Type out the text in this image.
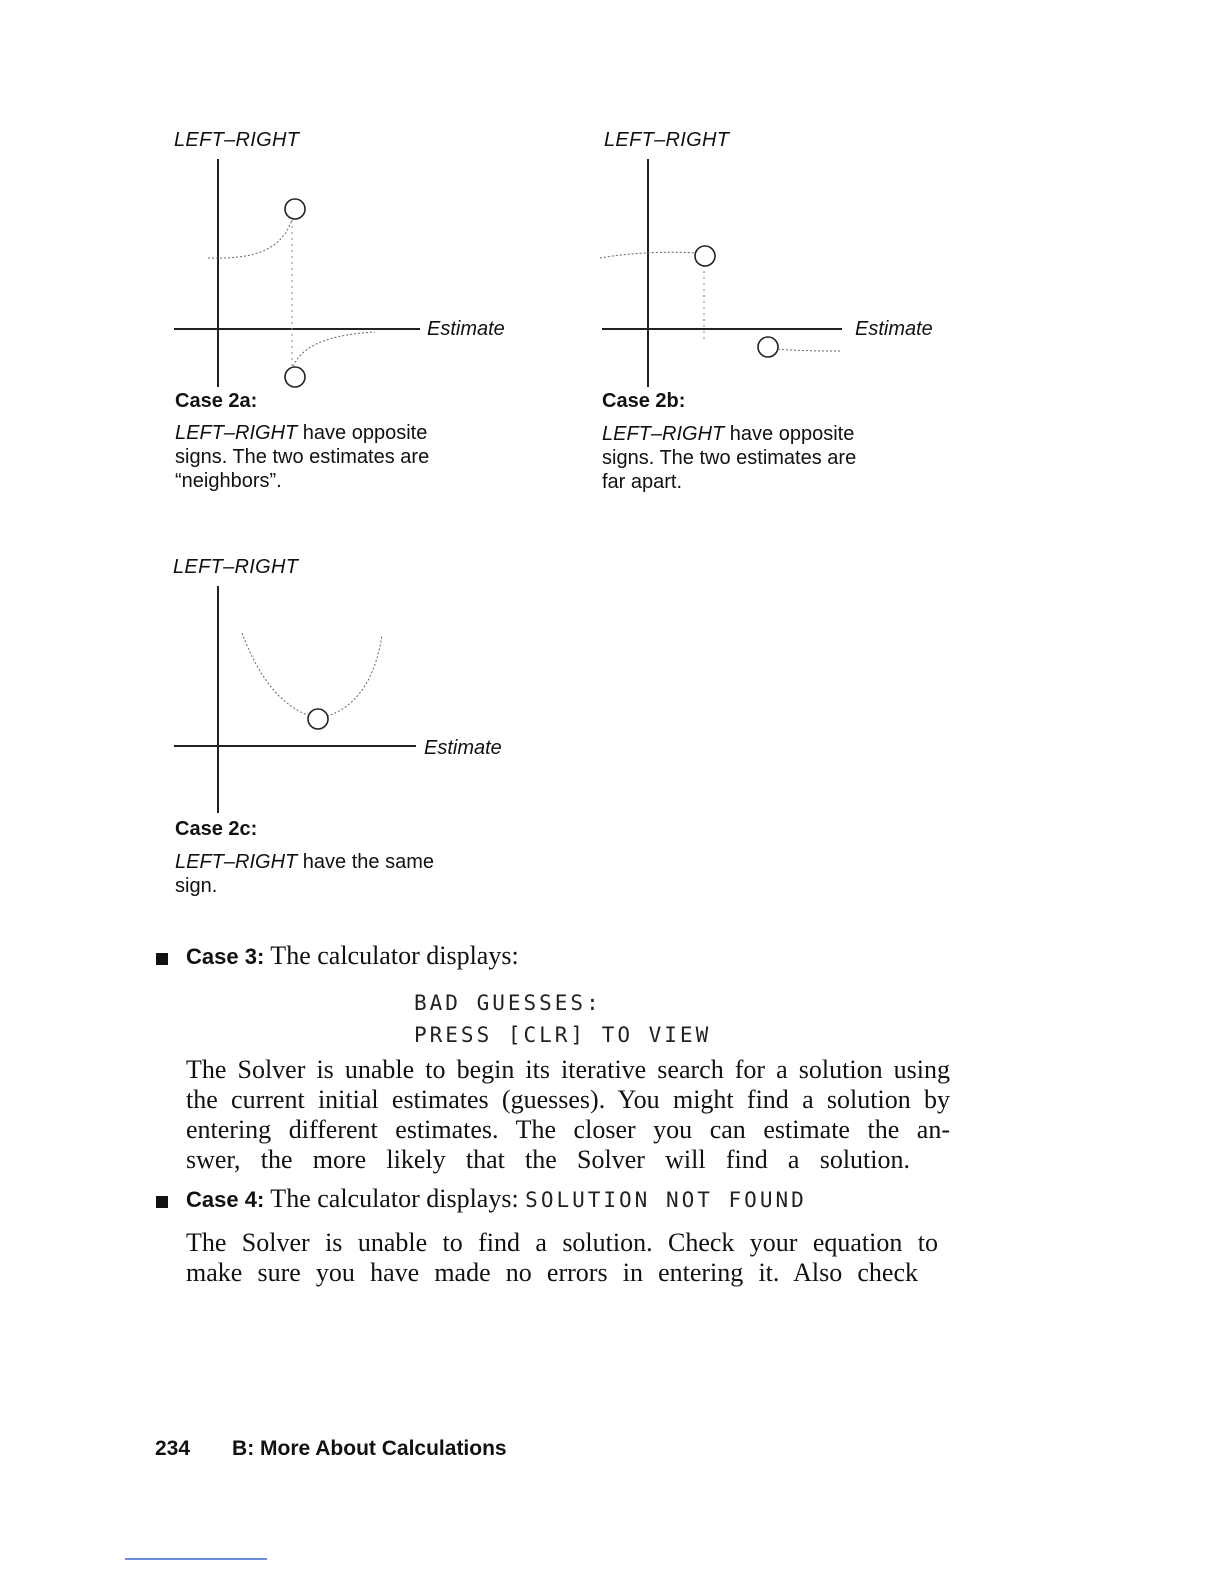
LEFT–RIGHT
Estimate
Case 2a:
LEFT–RIGHT have opposite
signs. The two estimates are
“neighbors”.
LEFT–RIGHT
Estimate
Case 2b:
LEFT–RIGHT have opposite
signs. The two estimates are
far apart.
LEFT–RIGHT
Estimate
Case 2c:
LEFT–RIGHT have the same
sign.
Case 3: The calculator displays:
BAD GUESSES:
PRESS [CLR] TO VIEW
The Solver is unable to begin its iterative search for a solution using
the current initial estimates (guesses). You might find a solution by
entering different estimates. The closer you can estimate the an-
swer, the more likely that the Solver will find a solution.
Case 4: The calculator displays: SOLUTION NOT FOUND
The Solver is unable to find a solution. Check your equation to
make sure you have made no errors in entering it. Also check
234 B: More About Calculations
